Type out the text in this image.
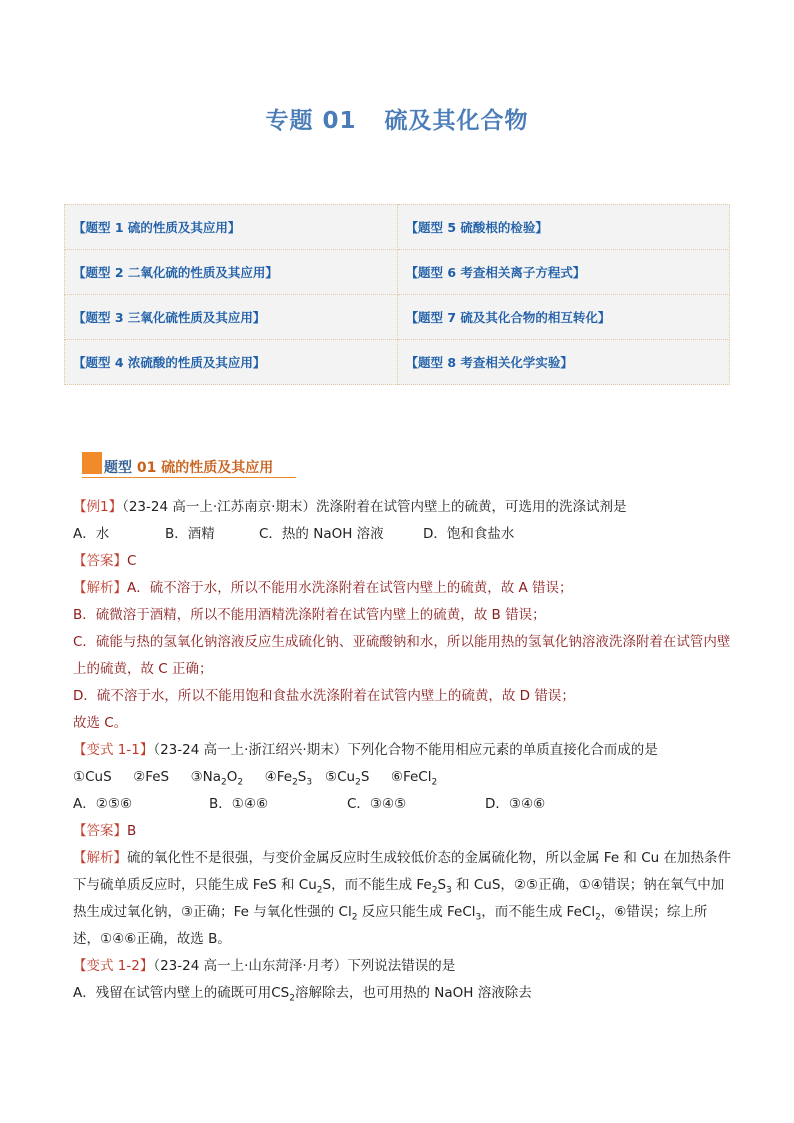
专题 01 硫及其化合物
【题型 1 硫的性质及其应用】	【题型 5 硫酸根的检验】
【题型 2 二氧化硫的性质及其应用】	【题型 6 考查相关离子方程式】
【题型 3 三氧化硫性质及其应用】	【题型 7 硫及其化合物的相互转化】
【题型 4 浓硫酸的性质及其应用】	【题型 8 考查相关化学实验】
题型 01 硫的性质及其应用

【例1】（23-24 高一上·江苏南京·期末）洗涤附着在试管内壁上的硫黄，可选用的洗涤试剂是

A．水	B．酒精	C．热的 NaOH 溶液	D．饱和食盐水

【答案】C

【解析】A．硫不溶于水，所以不能用水洗涤附着在试管内壁上的硫黄，故 A 错误；

B．硫微溶于酒精，所以不能用酒精洗涤附着在试管内壁上的硫黄，故 B 错误；

C．硫能与热的氢氧化钠溶液反应生成硫化钠、亚硫酸钠和水，所以能用热的氢氧化钠溶液洗涤附着在试管内壁上的硫黄，故 C 正确；

D．硫不溶于水，所以不能用饱和食盐水洗涤附着在试管内壁上的硫黄，故 D 错误；

故选 C。

【变式 1-1】（23-24 高一上·浙江绍兴·期末）下列化合物不能用相应元素的单质直接化合而成的是

①CuS     ②FeS     $③Na_2O_2$     $④Fe_2S_3$   $⑤Cu_2S$     ⑥FeCl$_2$

A．②⑤⑥	B．①④⑥	C．③④⑤	D．③④⑥

【答案】B

【解析】硫的氧化性不是很强，与变价金属反应时生成较低价态的金属硫化物，所以金属 Fe 和 Cu 在加热条件下与硫单质反应时，只能生成 FeS 和 $Cu_2S$，而不能生成 $Fe_2S_3$ 和 CuS，②⑤正确，①④错误；钠在氧气中加热生成过氧化钠，③正确；Fe 与氧化性强的 $Cl_2$ 反应只能生成 FeCl$_3$，而不能生成 FeCl$_2$，⑥错误；综上所述，①④⑥正确，故选 B。

【变式 1-2】（23-24 高一上·山东菏泽·月考）下列说法错误的是

A．残留在试管内壁上的硫既可用$CS_2$溶解除去，也可用热的 NaOH 溶液除去
